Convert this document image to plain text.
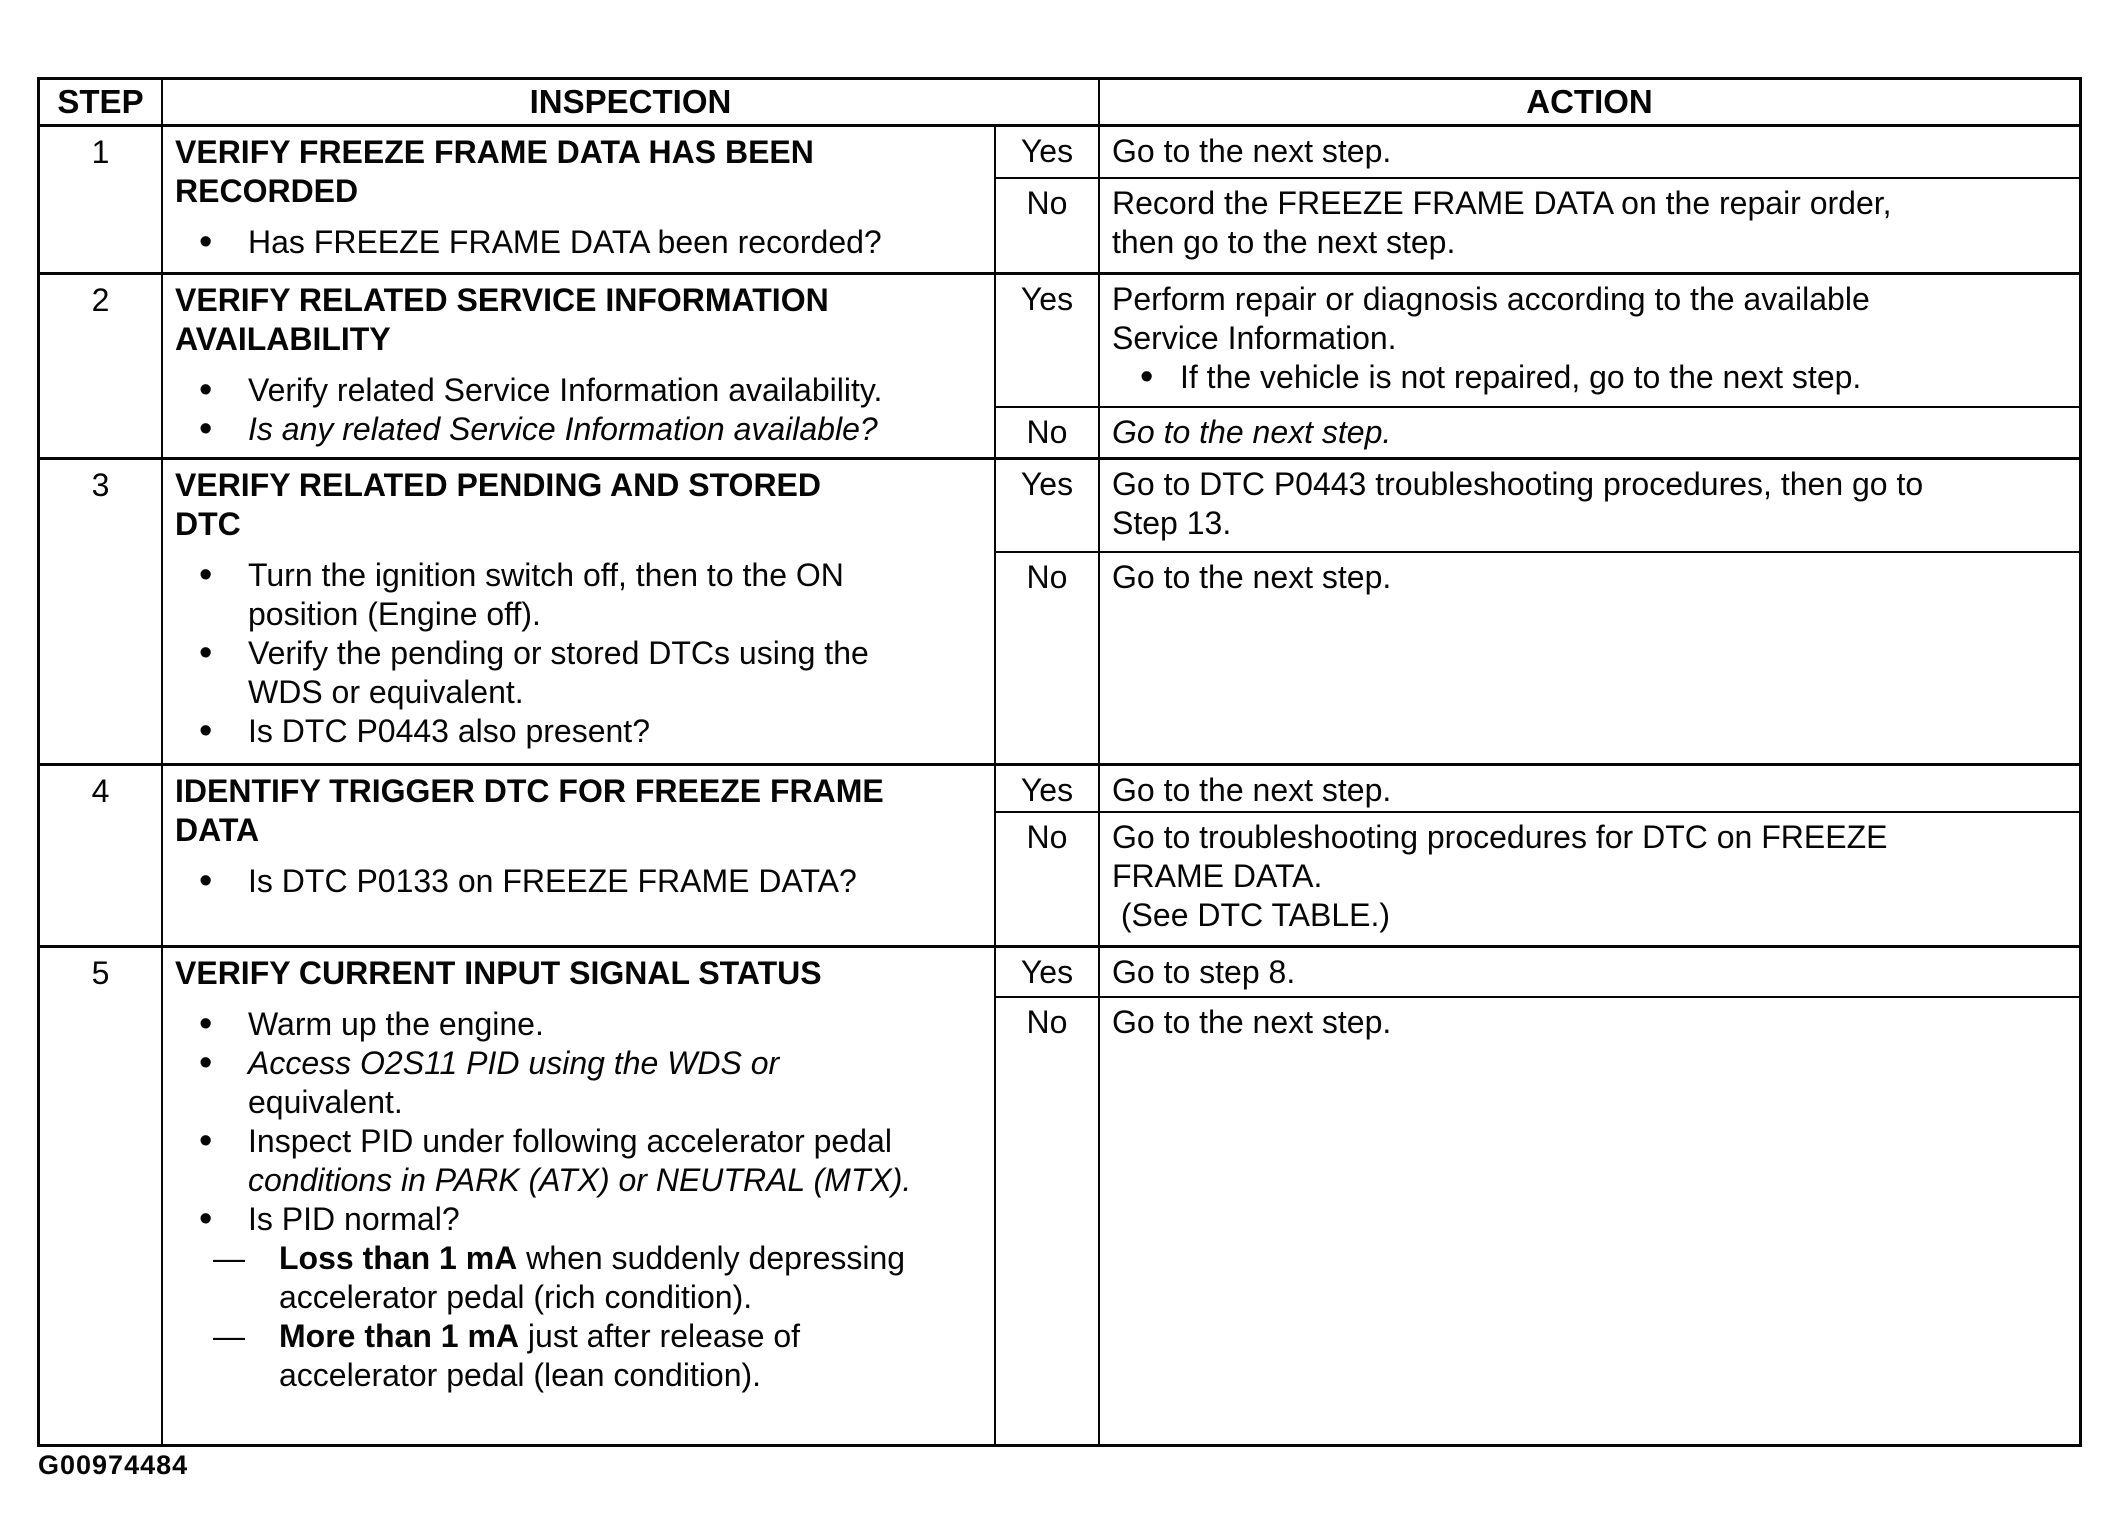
STEP	INSPECTION	ACTION
1	VERIFY FREEZE FRAME DATA HAS BEEN
RECORDED
•	Has FREEZE FRAME DATA been recorded?
Yes	Go to the next step.
No	Record the FREEZE FRAME DATA on the repair order,
then go to the next step.
2	VERIFY RELATED SERVICE INFORMATION
AVAILABILITY
•	Verify related Service Information availability.
•	Is any related Service Information available?
Yes	Perform repair or diagnosis according to the available
Service Information.
• If the vehicle is not repaired, go to the next step.
No	Go to the next step.
3	VERIFY RELATED PENDING AND STORED
DTC
•	Turn the ignition switch off, then to the ON
position (Engine off).
•	Verify the pending or stored DTCs using the
WDS or equivalent.
•	Is DTC P0443 also present?
Yes	Go to DTC P0443 troubleshooting procedures, then go to
Step 13.
No	Go to the next step.
4	IDENTIFY TRIGGER DTC FOR FREEZE FRAME
DATA
•	Is DTC P0133 on FREEZE FRAME DATA?
Yes	Go to the next step.
No	Go to troubleshooting procedures for DTC on FREEZE
FRAME DATA.
(See DTC TABLE.)
5	VERIFY CURRENT INPUT SIGNAL STATUS
•	Warm up the engine.
•	Access O2S11 PID using the WDS or
equivalent.
•	Inspect PID under following accelerator pedal
conditions in PARK (ATX) or NEUTRAL (MTX).
•	Is PID normal?
—	Loss than 1 mA when suddenly depressing
accelerator pedal (rich condition).
—	More than 1 mA just after release of
accelerator pedal (lean condition).
Yes	Go to step 8.
No	Go to the next step.
G00974484
